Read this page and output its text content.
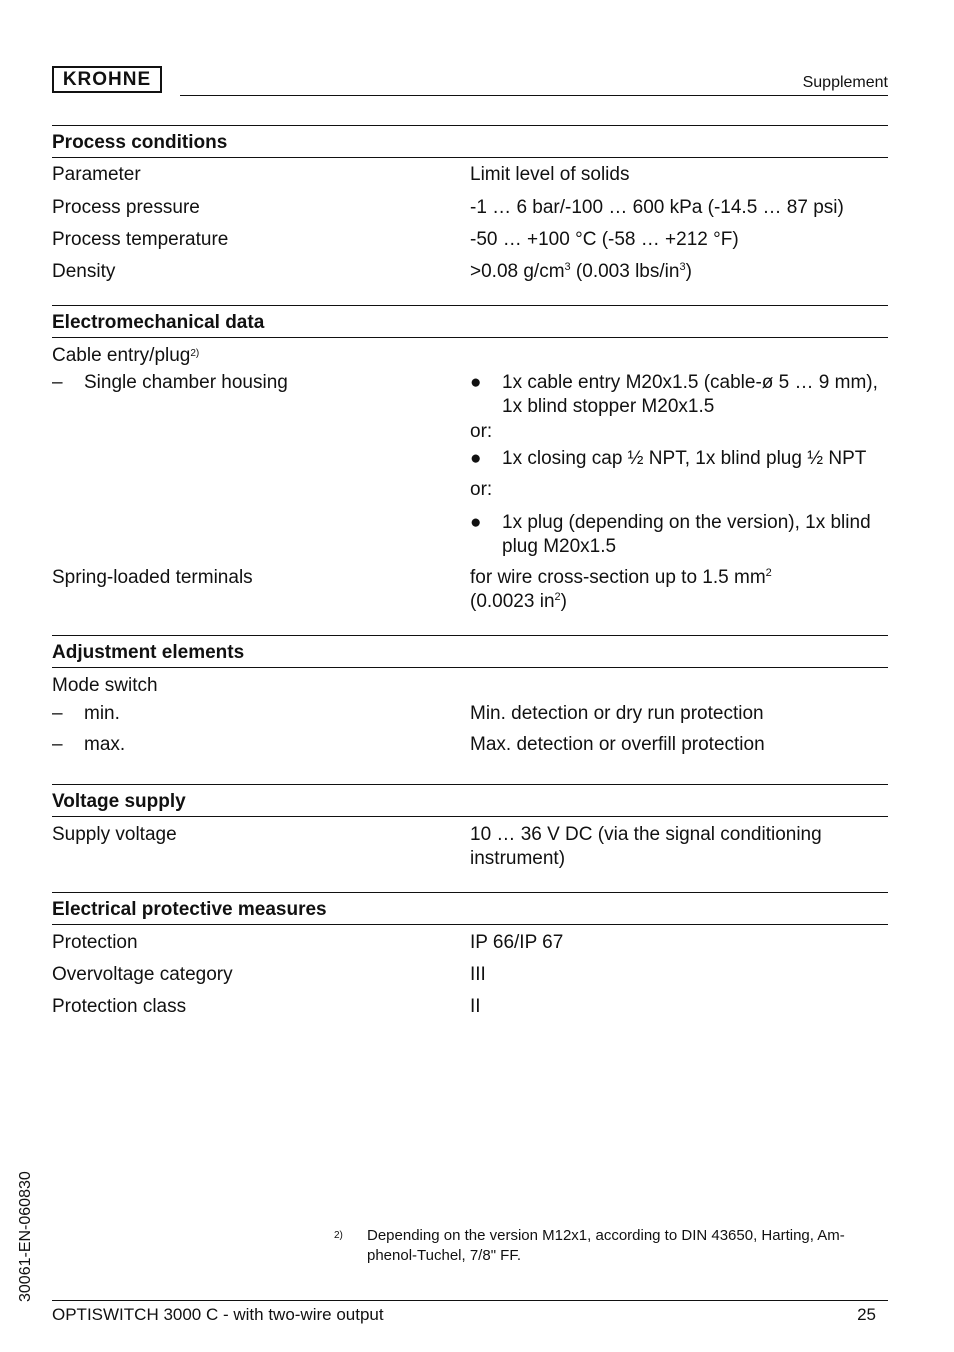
KROHNE	Supplement
Process conditions
Parameter	Limit level of solids
Process pressure	-1 … 6 bar/-100 … 600 kPa (-14.5 … 87 psi)
Process temperature	-50 … +100 °C (-58 … +212 °F)
Density	>0.08 $g/cm^3$ (0.003 lbs/$in^3$)
Electromechanical data
Cable entry/plug$^{2)}$
– Single chamber housing	● 1x cable entry M20x1.5 (cable-ø 5 … 9 mm), 1x blind stopper M20x1.5
or:
● 1x closing cap ½ NPT, 1x blind plug ½ NPT
or:
● 1x plug (depending on the version), 1x blind plug M20x1.5
Spring-loaded terminals	for wire cross-section up to 1.5 $mm^2$
(0.0023 $in^2$)
Adjustment elements
Mode switch
– min.	Min. detection or dry run protection
– max.	Max. detection or overfill protection
Voltage supply
Supply voltage	10 … 36 V DC (via the signal conditioning instrument)
Electrical protective measures
Protection	IP 66/IP 67
Overvoltage category	III
Protection class	II
30061-EN-060830	2) Depending on the version M12x1, according to DIN 43650, Harting, Am-phenol-Tuchel, 7/8" FF.
OPTISWITCH 3000 C - with two-wire output	25
